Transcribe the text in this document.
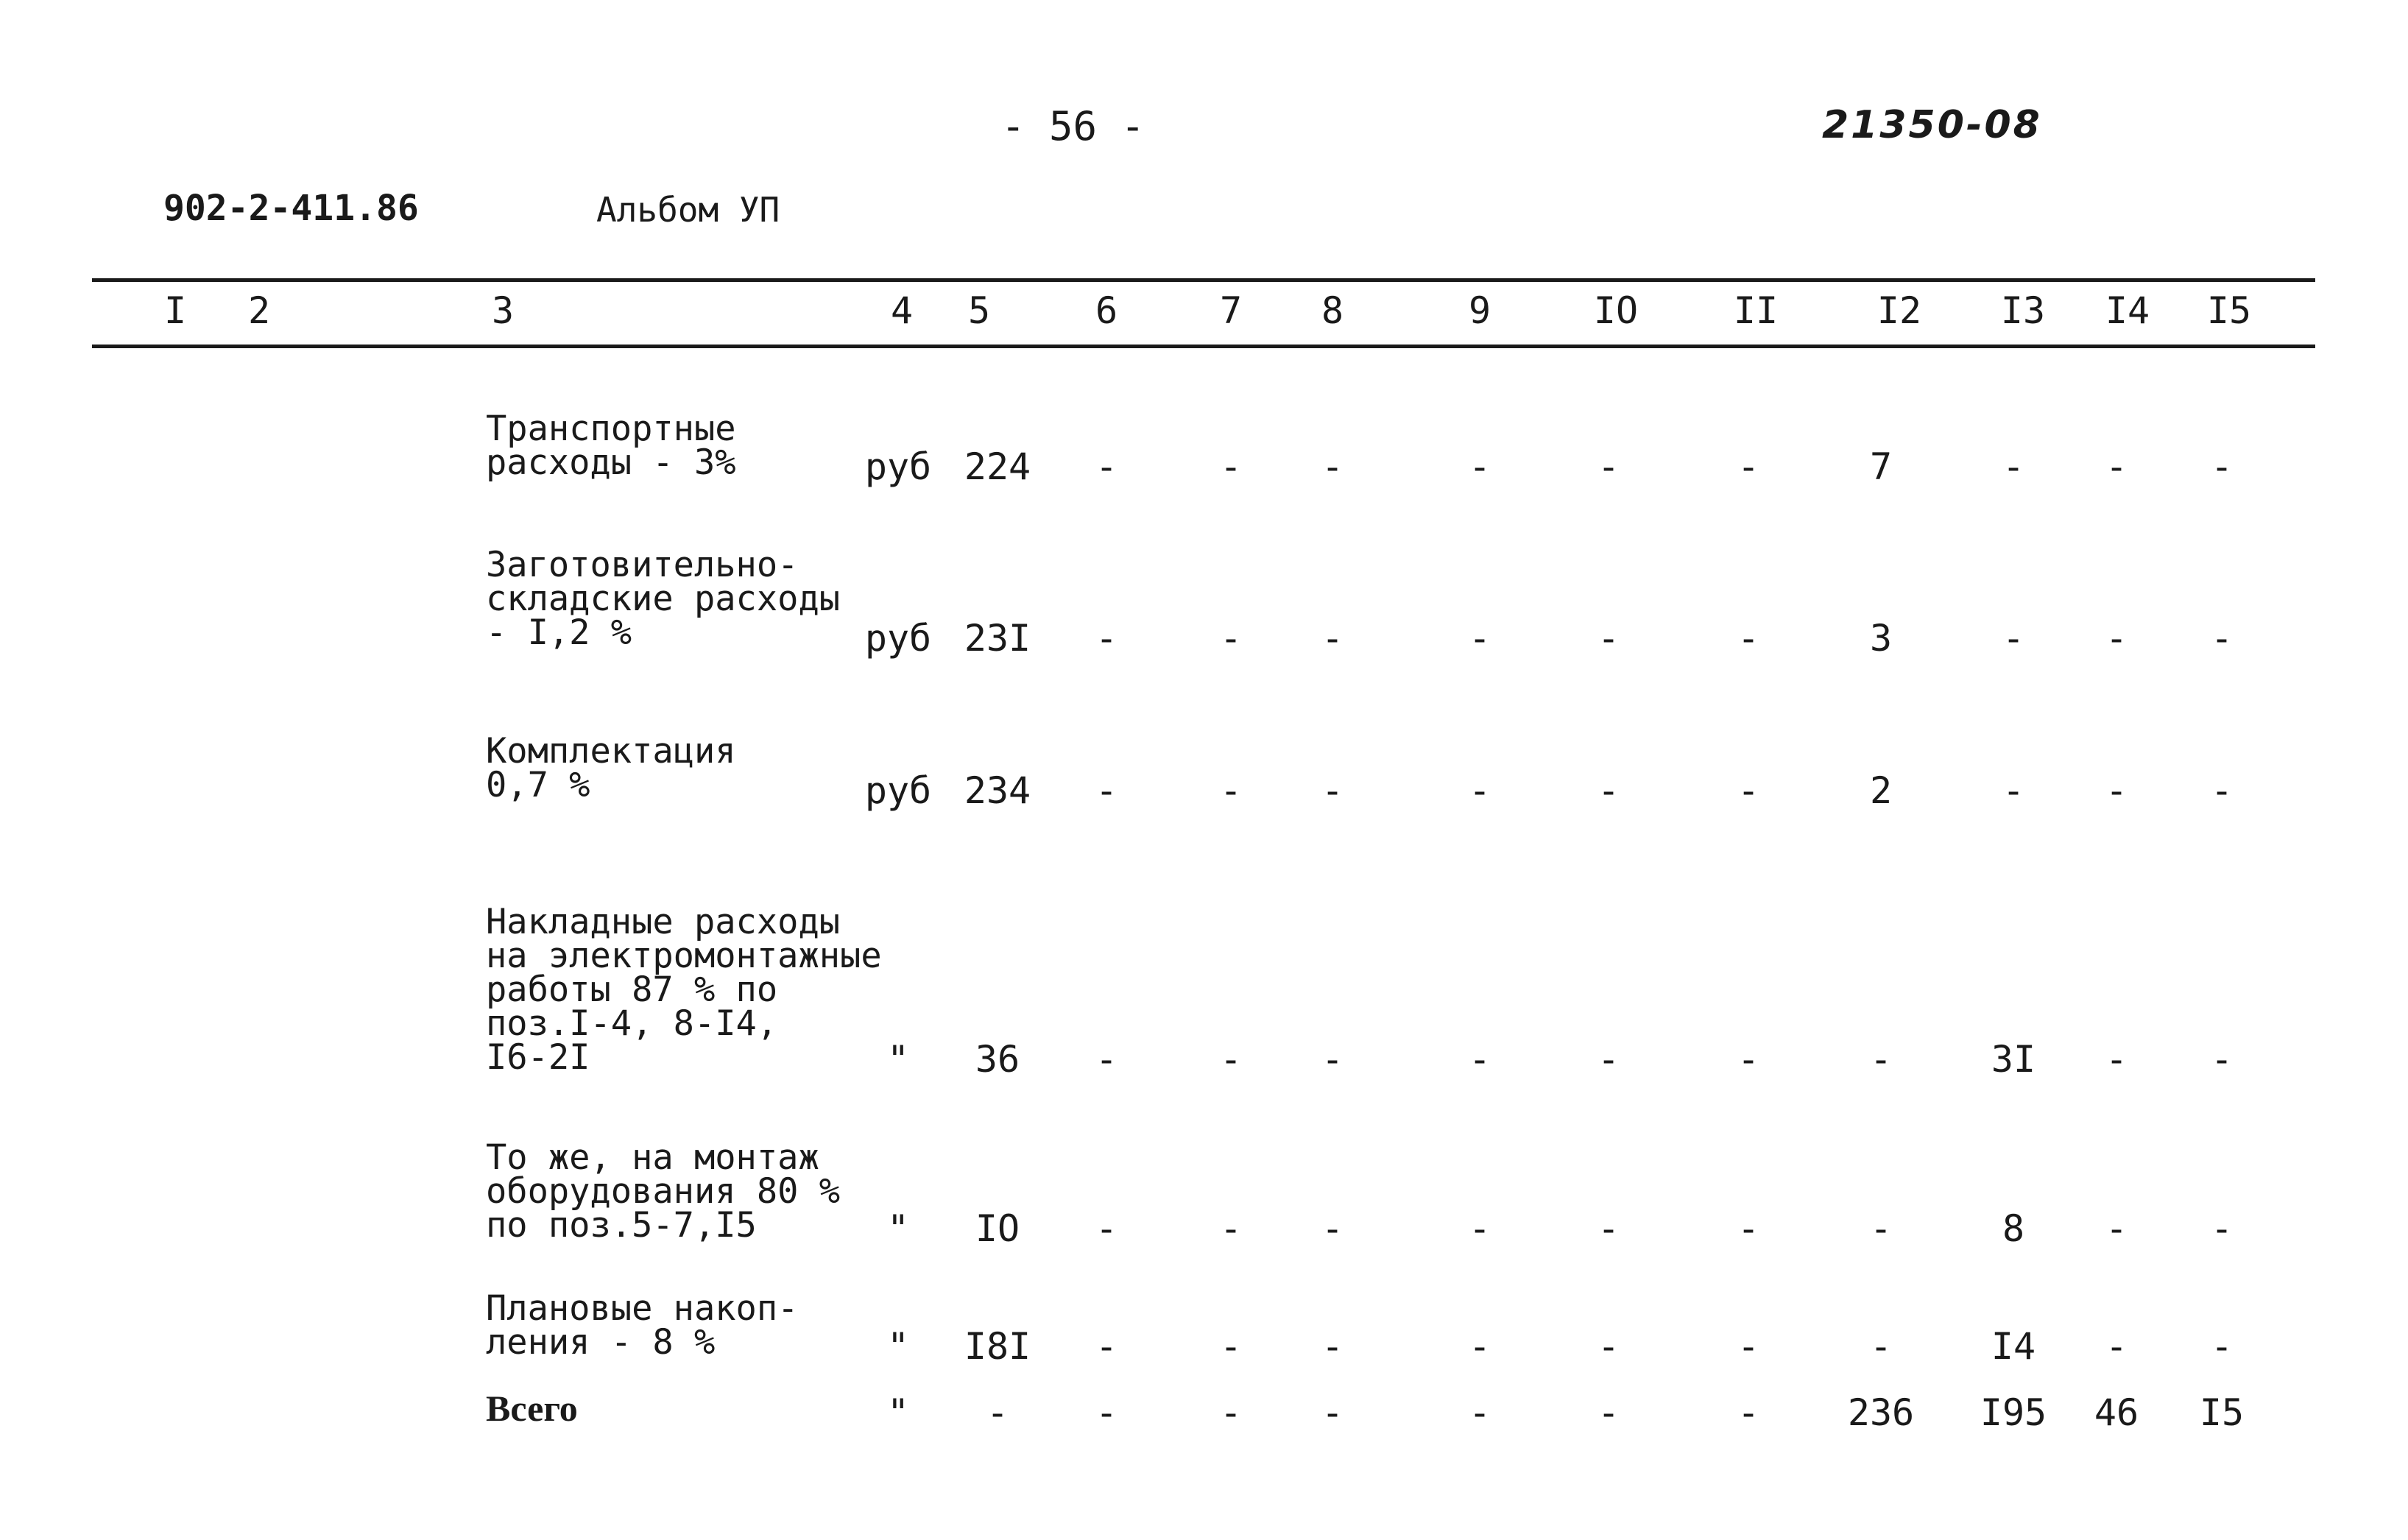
- 56 -	21350-08
902-2-411.86	Альбом УП
I	2	3	4	5	6	7	8	9	IO	II	I2	I3	I4	I5
Транспортные
расходы - 3%	руб 224	-	-	-	-	-	-	7	-	-	-
Заготовительно-
складские расходы
- I,2 %	руб 23I	-	-	-	-	-	-	3	-	-	-
Комплектация
0,7 %	руб 234	-	-	-	-	-	-	2	-	-	-
Накладные расходы
на электромонтажные
работы 87 % по
поз.I-4, 8-I4,
I6-2I	"	36	-	-	-	-	-	-	-	3I	-	-
То же, на монтаж
оборудования 80 %
по поз.5-7,I5	"	IO	-	-	-	-	-	-	-	8	-	-
Плановые накоп-
ления - 8 %	"	I8I	-	-	-	-	-	-	-	I4	-	-
Всего	"	-	-	-	-	-	-	-	236	I95	46	I5
